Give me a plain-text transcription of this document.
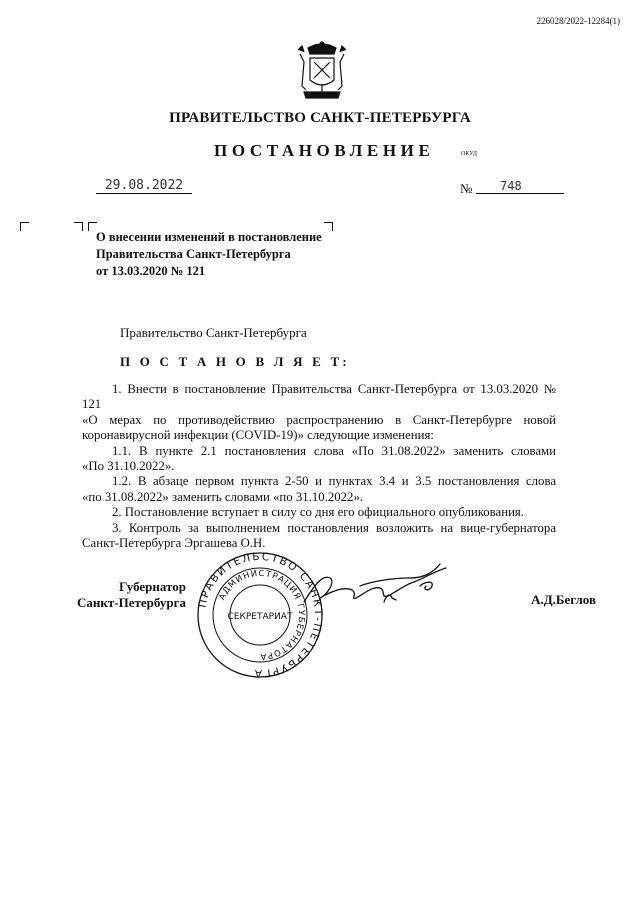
226028/2022-12284(1)
ПРАВИТЕЛЬСТВО САНКТ-ПЕТЕРБУРГА
ПОСТАНОВЛЕНИЕ	ОКУД
29.08.2022	№	748
О внесении изменений в постановление
Правительства Санкт-Петербурга
от 13.03.2020 № 121
Правительство Санкт-Петербурга
П О С Т А Н О В Л Я Е Т:
1. Внести в постановление Правительства Санкт-Петербурга от 13.03.2020 № 121
«О мерах по противодействию распространению в Санкт-Петербурге новой
коронавирусной инфекции (COVID-19)» следующие изменения:
1.1. В пункте 2.1 постановления слова «По 31.08.2022» заменить словами
«По 31.10.2022».
1.2. В абзаце первом пункта 2-50 и пунктах 3.4 и 3.5 постановления слова
«по 31.08.2022» заменить словами «по 31.10.2022».
2. Постановление вступает в силу со дня его официального опубликования.
3. Контроль за выполнением постановления возложить на вице-губернатора
Санкт-Петербурга Эргашева О.Н.
Губернатор
Санкт-Петербурга ПРАВИТЕЛЬСТВО САНКТ-ПЕТЕРБУРГА
АДМИНИСТРАЦИЯ ГУБЕРНАТОРА
СЕКРЕТАРИАТ
А.Д.Беглов
